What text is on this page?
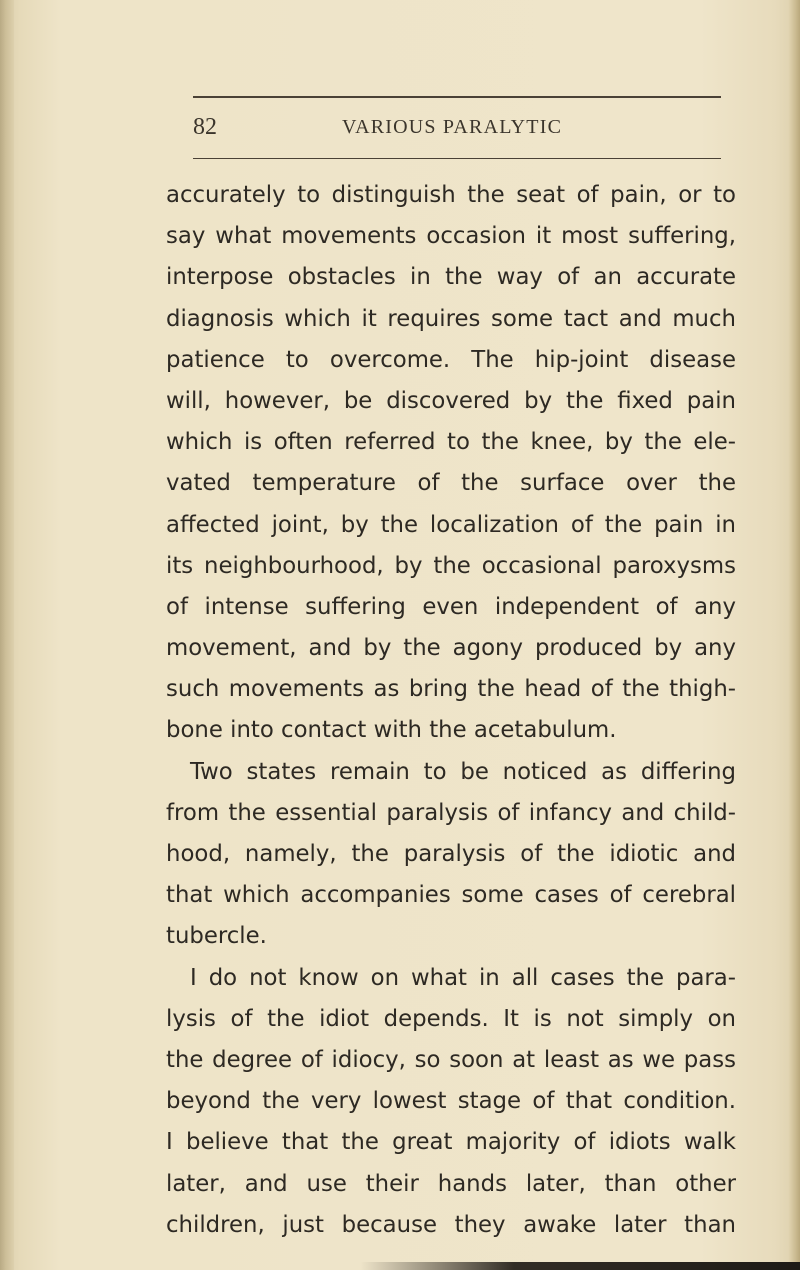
82	VARIOUS PARALYTIC
accurately to distinguish the seat of pain, or to
say what movements occasion it most suffering,
interpose obstacles in the way of an accurate
diagnosis which it requires some tact and much
patience to overcome. The hip-joint disease
will, however, be discovered by the fixed pain
which is often referred to the knee, by the ele-
vated temperature of the surface over the
affected joint, by the localization of the pain in
its neighbourhood, by the occasional paroxysms
of intense suffering even independent of any
movement, and by the agony produced by any
such movements as bring the head of the thigh-
bone into contact with the acetabulum.
Two states remain to be noticed as differing
from the essential paralysis of infancy and child-
hood, namely, the paralysis of the idiotic and
that which accompanies some cases of cerebral
tubercle.
I do not know on what in all cases the para-
lysis of the idiot depends. It is not simply on
the degree of idiocy, so soon at least as we pass
beyond the very lowest stage of that condition.
I believe that the great majority of idiots walk
later, and use their hands later, than other
children, just because they awake later than
